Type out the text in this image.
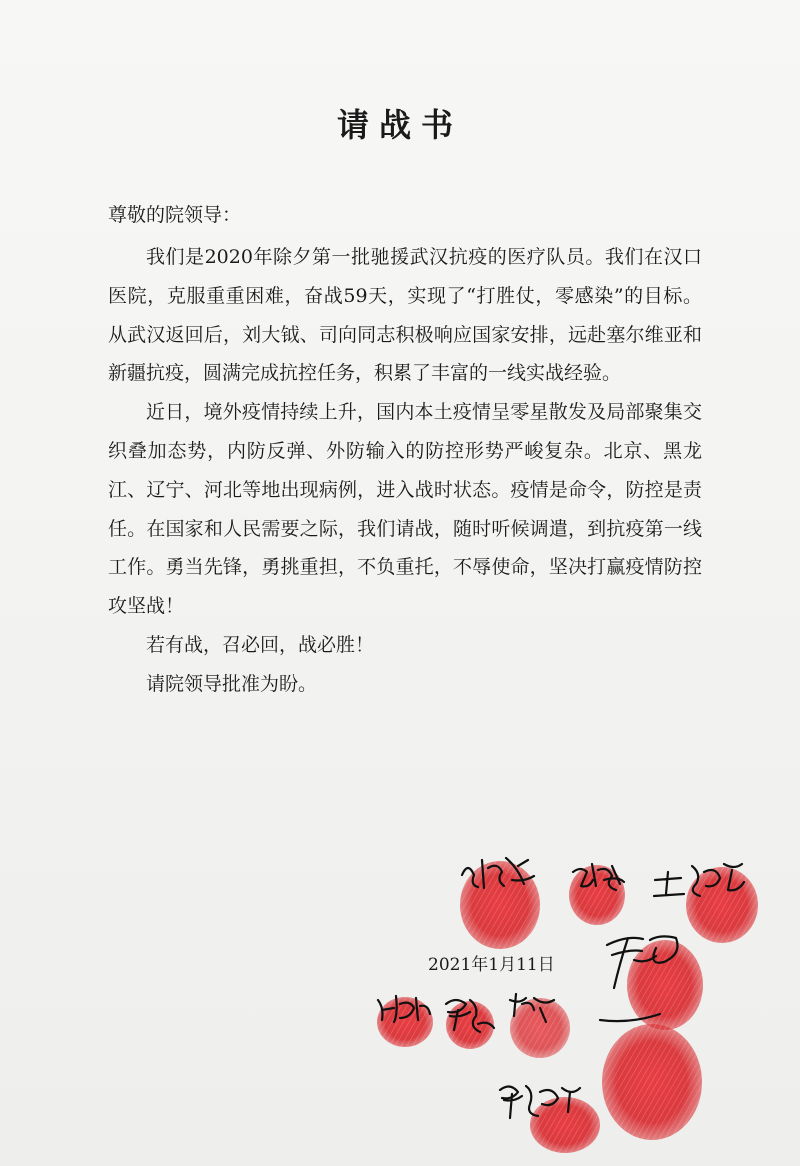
请战书
尊敬的院领导：

我们是2020年除夕第一批驰援武汉抗疫的医疗队员。我们在汉口医院，克服重重困难，奋战59天，实现了“打胜仗，零感染”的目标。从武汉返回后，刘大钺、司向同志积极响应国家安排，远赴塞尔维亚和新疆抗疫，圆满完成抗控任务，积累了丰富的一线实战经验。

近日，境外疫情持续上升，国内本土疫情呈零星散发及局部聚集交织叠加态势，内防反弹、外防输入的防控形势严峻复杂。北京、黑龙江、辽宁、河北等地出现病例，进入战时状态。疫情是命令，防控是责任。在国家和人民需要之际，我们请战，随时听候调遣，到抗疫第一线工作。勇当先锋，勇挑重担，不负重托，不辱使命，坚决打赢疫情防控攻坚战！

若有战，召必回，战必胜！

请院领导批准为盼。

2021年1月11日
